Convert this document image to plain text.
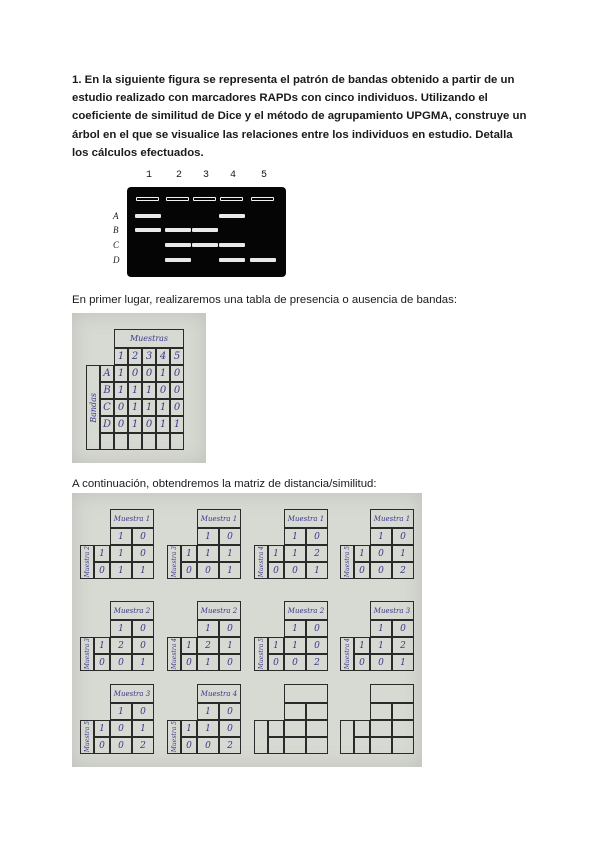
1. En la siguiente figura se representa el patrón de bandas obtenido a partir de un estudio realizado con marcadores RAPDs con cinco individuos. Utilizando el coeficiente de similitud de Dice y el método de agrupamiento UPGMA, construye un árbol en el que se visualice las relaciones entre los individuos en estudio. Detalla los cálculos efectuados.
1 2 3 4 5
A
B
C
D
En primer lugar, realizaremos una tabla de presencia o ausencia de bandas:
Muestras
1 2 3 4 5
Bandas
A 1 0 0 1 0
B 1 1 1 0 0
C 0 1 1 1 0
D 0 1 0 1 1
A continuación, obtendremos la matriz de distancia/similitud:
Muestra 1
1	0
Muestra 2 1	1	0
0	1	1
Muestra 1
1	0
Muestra 3 1	1	1
0	0	1
Muestra 1
1	0
Muestra 4 1	1	2
0	0	1
Muestra 1
1	0
Muestra 5 1	0	1
0	0	2
Muestra 2
1	0
Muestra 3 1	2	0
0	0	1
Muestra 2
1	0
Muestra 4 1	2	1
0	1	0
Muestra 2
1	0
Muestra 5 1	1	0
0	0	2
Muestra 3
1	0
Muestra 4 1	1	2
0	0	1
Muestra 3
1	0
Muestra 5 1	0	1
0	0	2
Muestra 4
1	0
Muestra 5 1	1	0
0	0	2
